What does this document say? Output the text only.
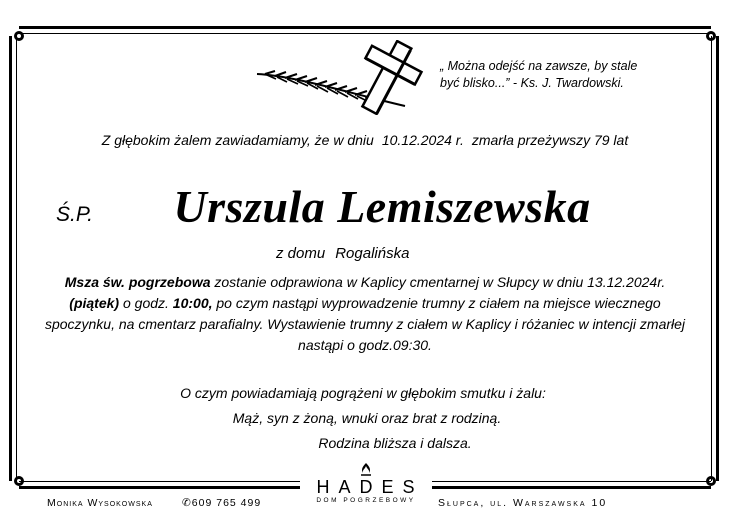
„ Można odejść na zawsze, by stale
być blisko...” - Ks. J. Twardowski.
Z głębokim żalem zawiadamiamy, że w dniu 10.12.2024 r. zmarła przeżywszy 79 lat
Ś.P.	Urszula Lemiszewska
z domu Rogalińska
Msza św. pogrzebowa zostanie odprawiona w Kaplicy cmentarnej w Słupcy w dniu 13.12.2024r. (piątek) o godz. 10:00, po czym nastąpi wyprowadzenie trumny z ciałem na miejsce wiecznego spoczynku, na cmentarz parafialny. Wystawienie trumny z ciałem w Kaplicy i różaniec w intencji zmarłej nastąpi o godz.09:30.
O czym powiadamiają pogrążeni w głębokim smutku i żalu:
Mąż, syn z żoną, wnuki oraz brat z rodziną.
Rodzina bliższa i dalsza.
Monika Wysokowska	✆609 765 499	Słupca, ul. Warszawska 10
HADES
DOM POGRZEBOWY
